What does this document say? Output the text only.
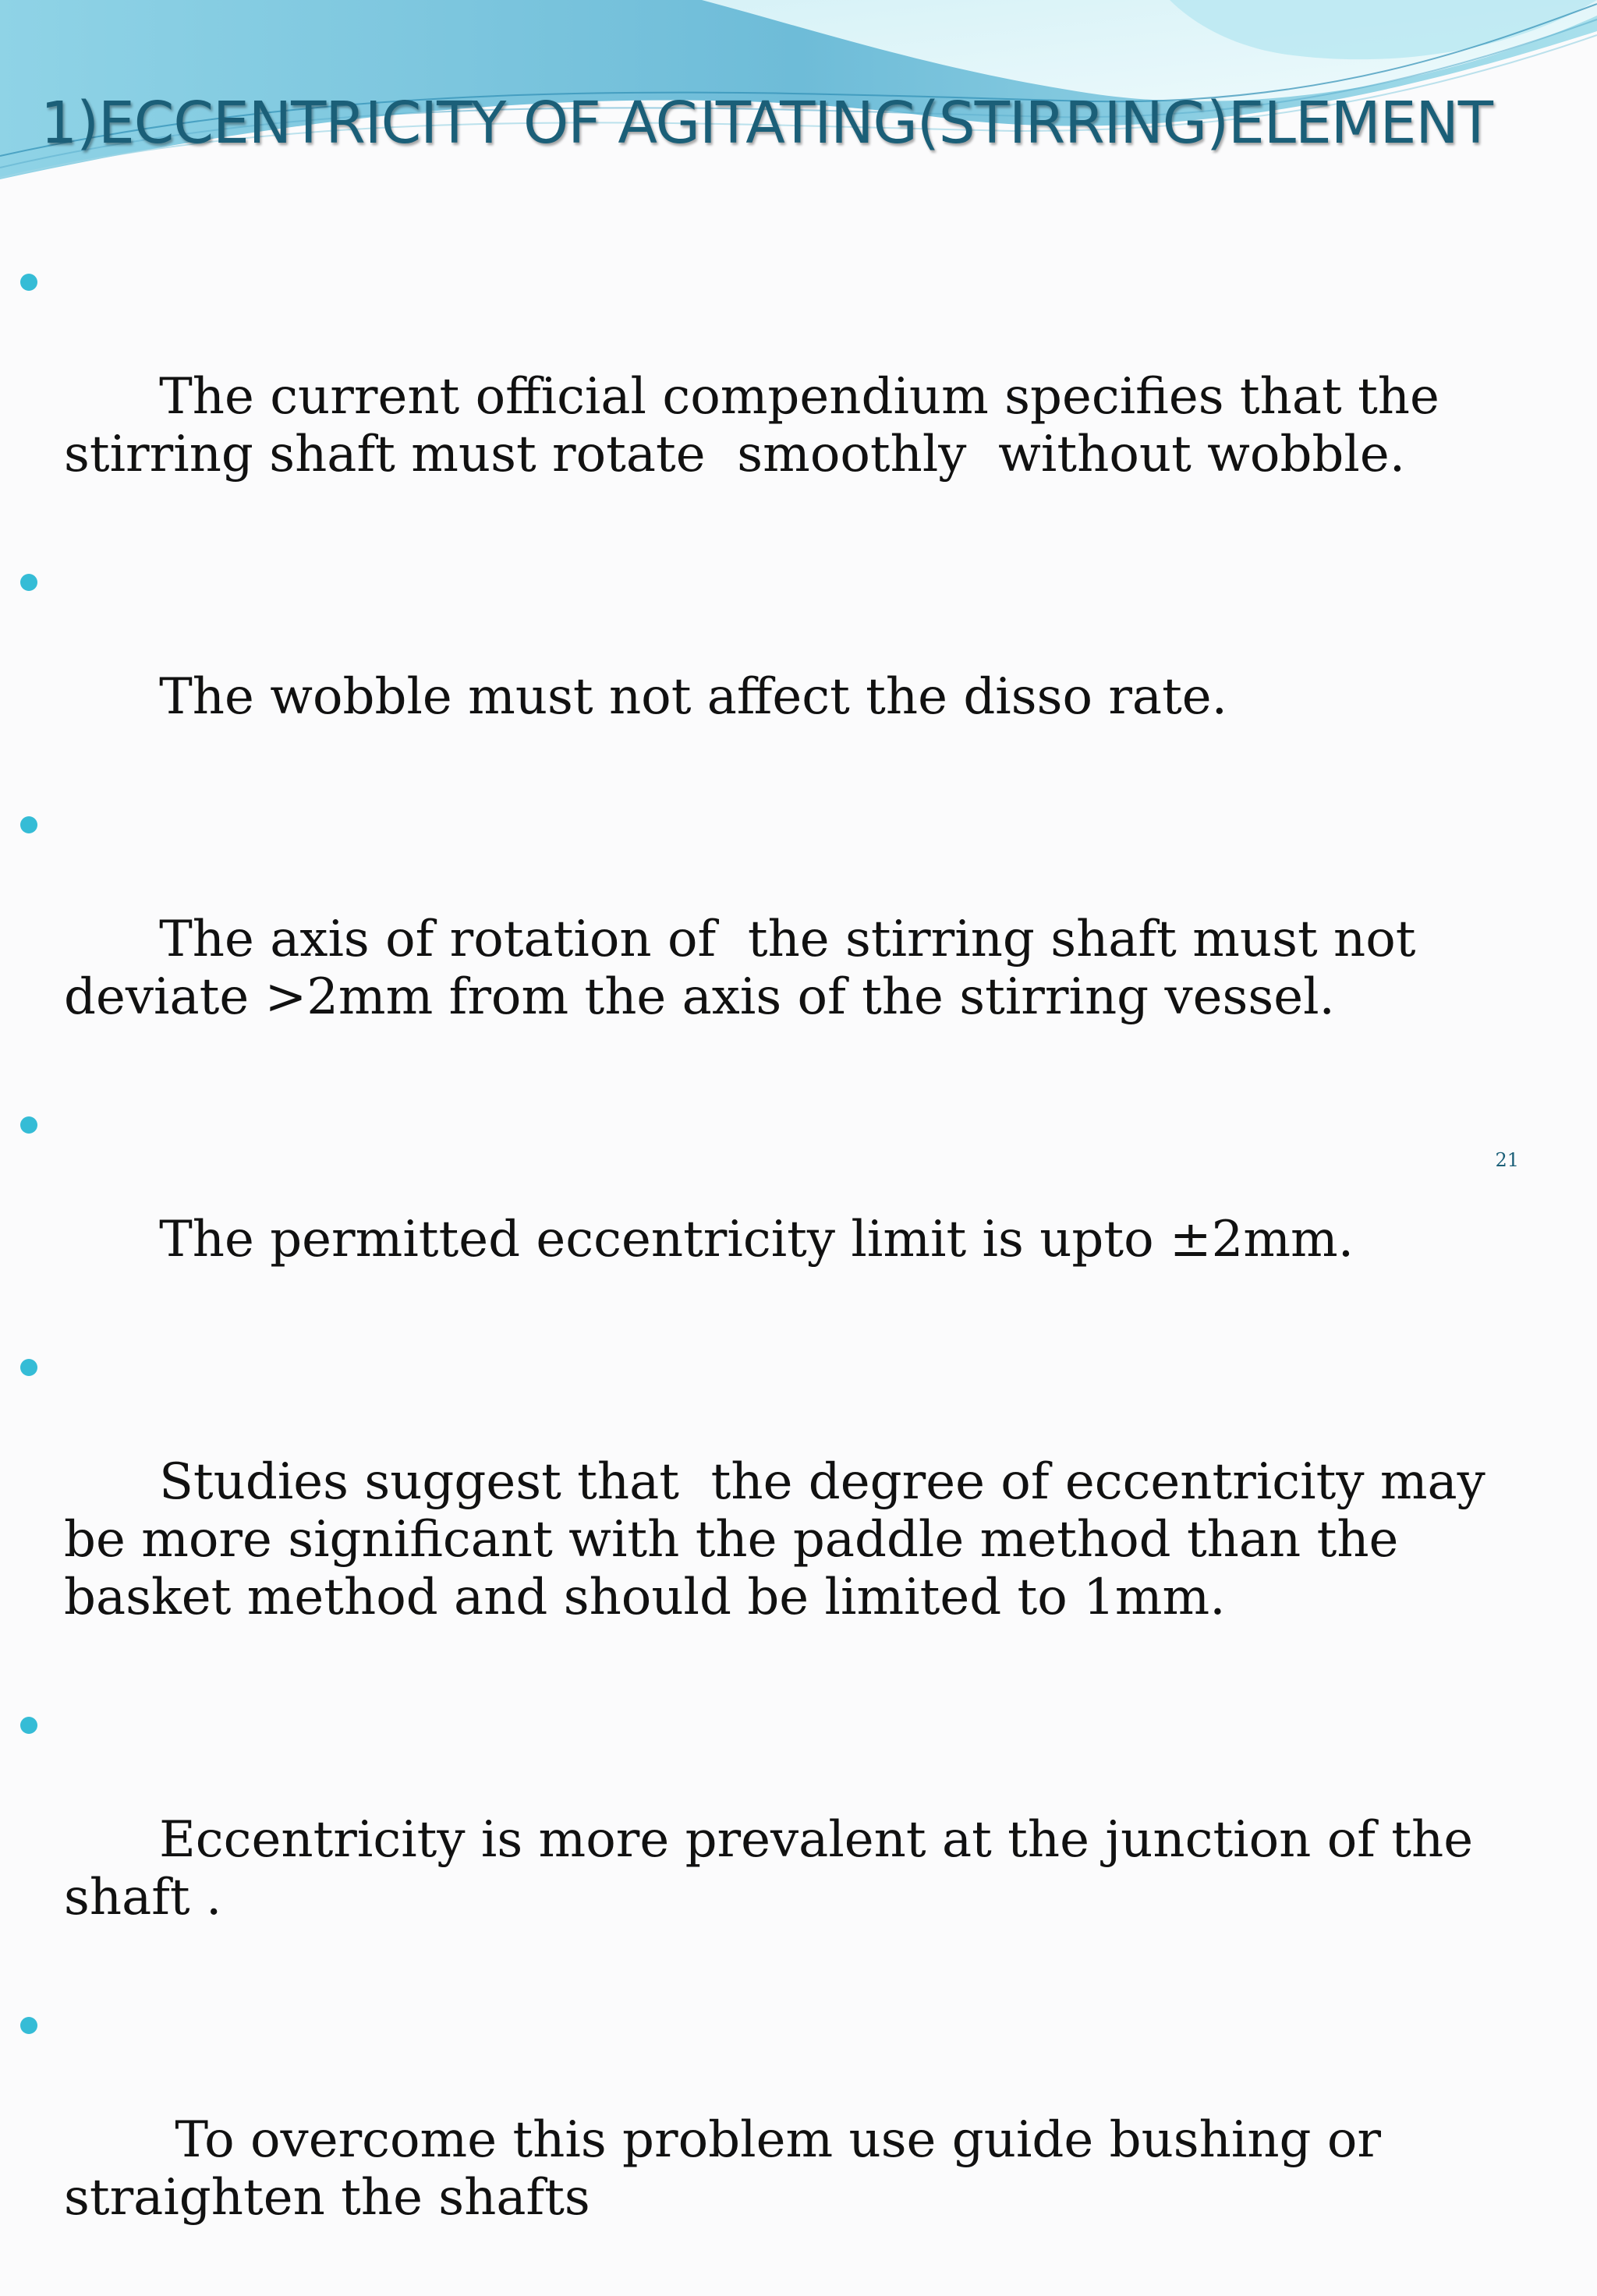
1)ECCENTRICITY OF AGITATING(STIRRING)ELEMENT

The current official compendium specifies that the stirring shaft must rotate  smoothly  without wobble.

The wobble must not affect the disso rate.

The axis of rotation of  the stirring shaft must not deviate >2mm from the axis of the stirring vessel.

The permitted eccentricity limit is upto ±2mm.

Studies suggest that  the degree of eccentricity may be more significant with the paddle method than the basket method and should be limited to 1mm.

Eccentricity is more prevalent at the junction of the shaft .

To overcome this problem use guide bushing or straighten the shafts

21
